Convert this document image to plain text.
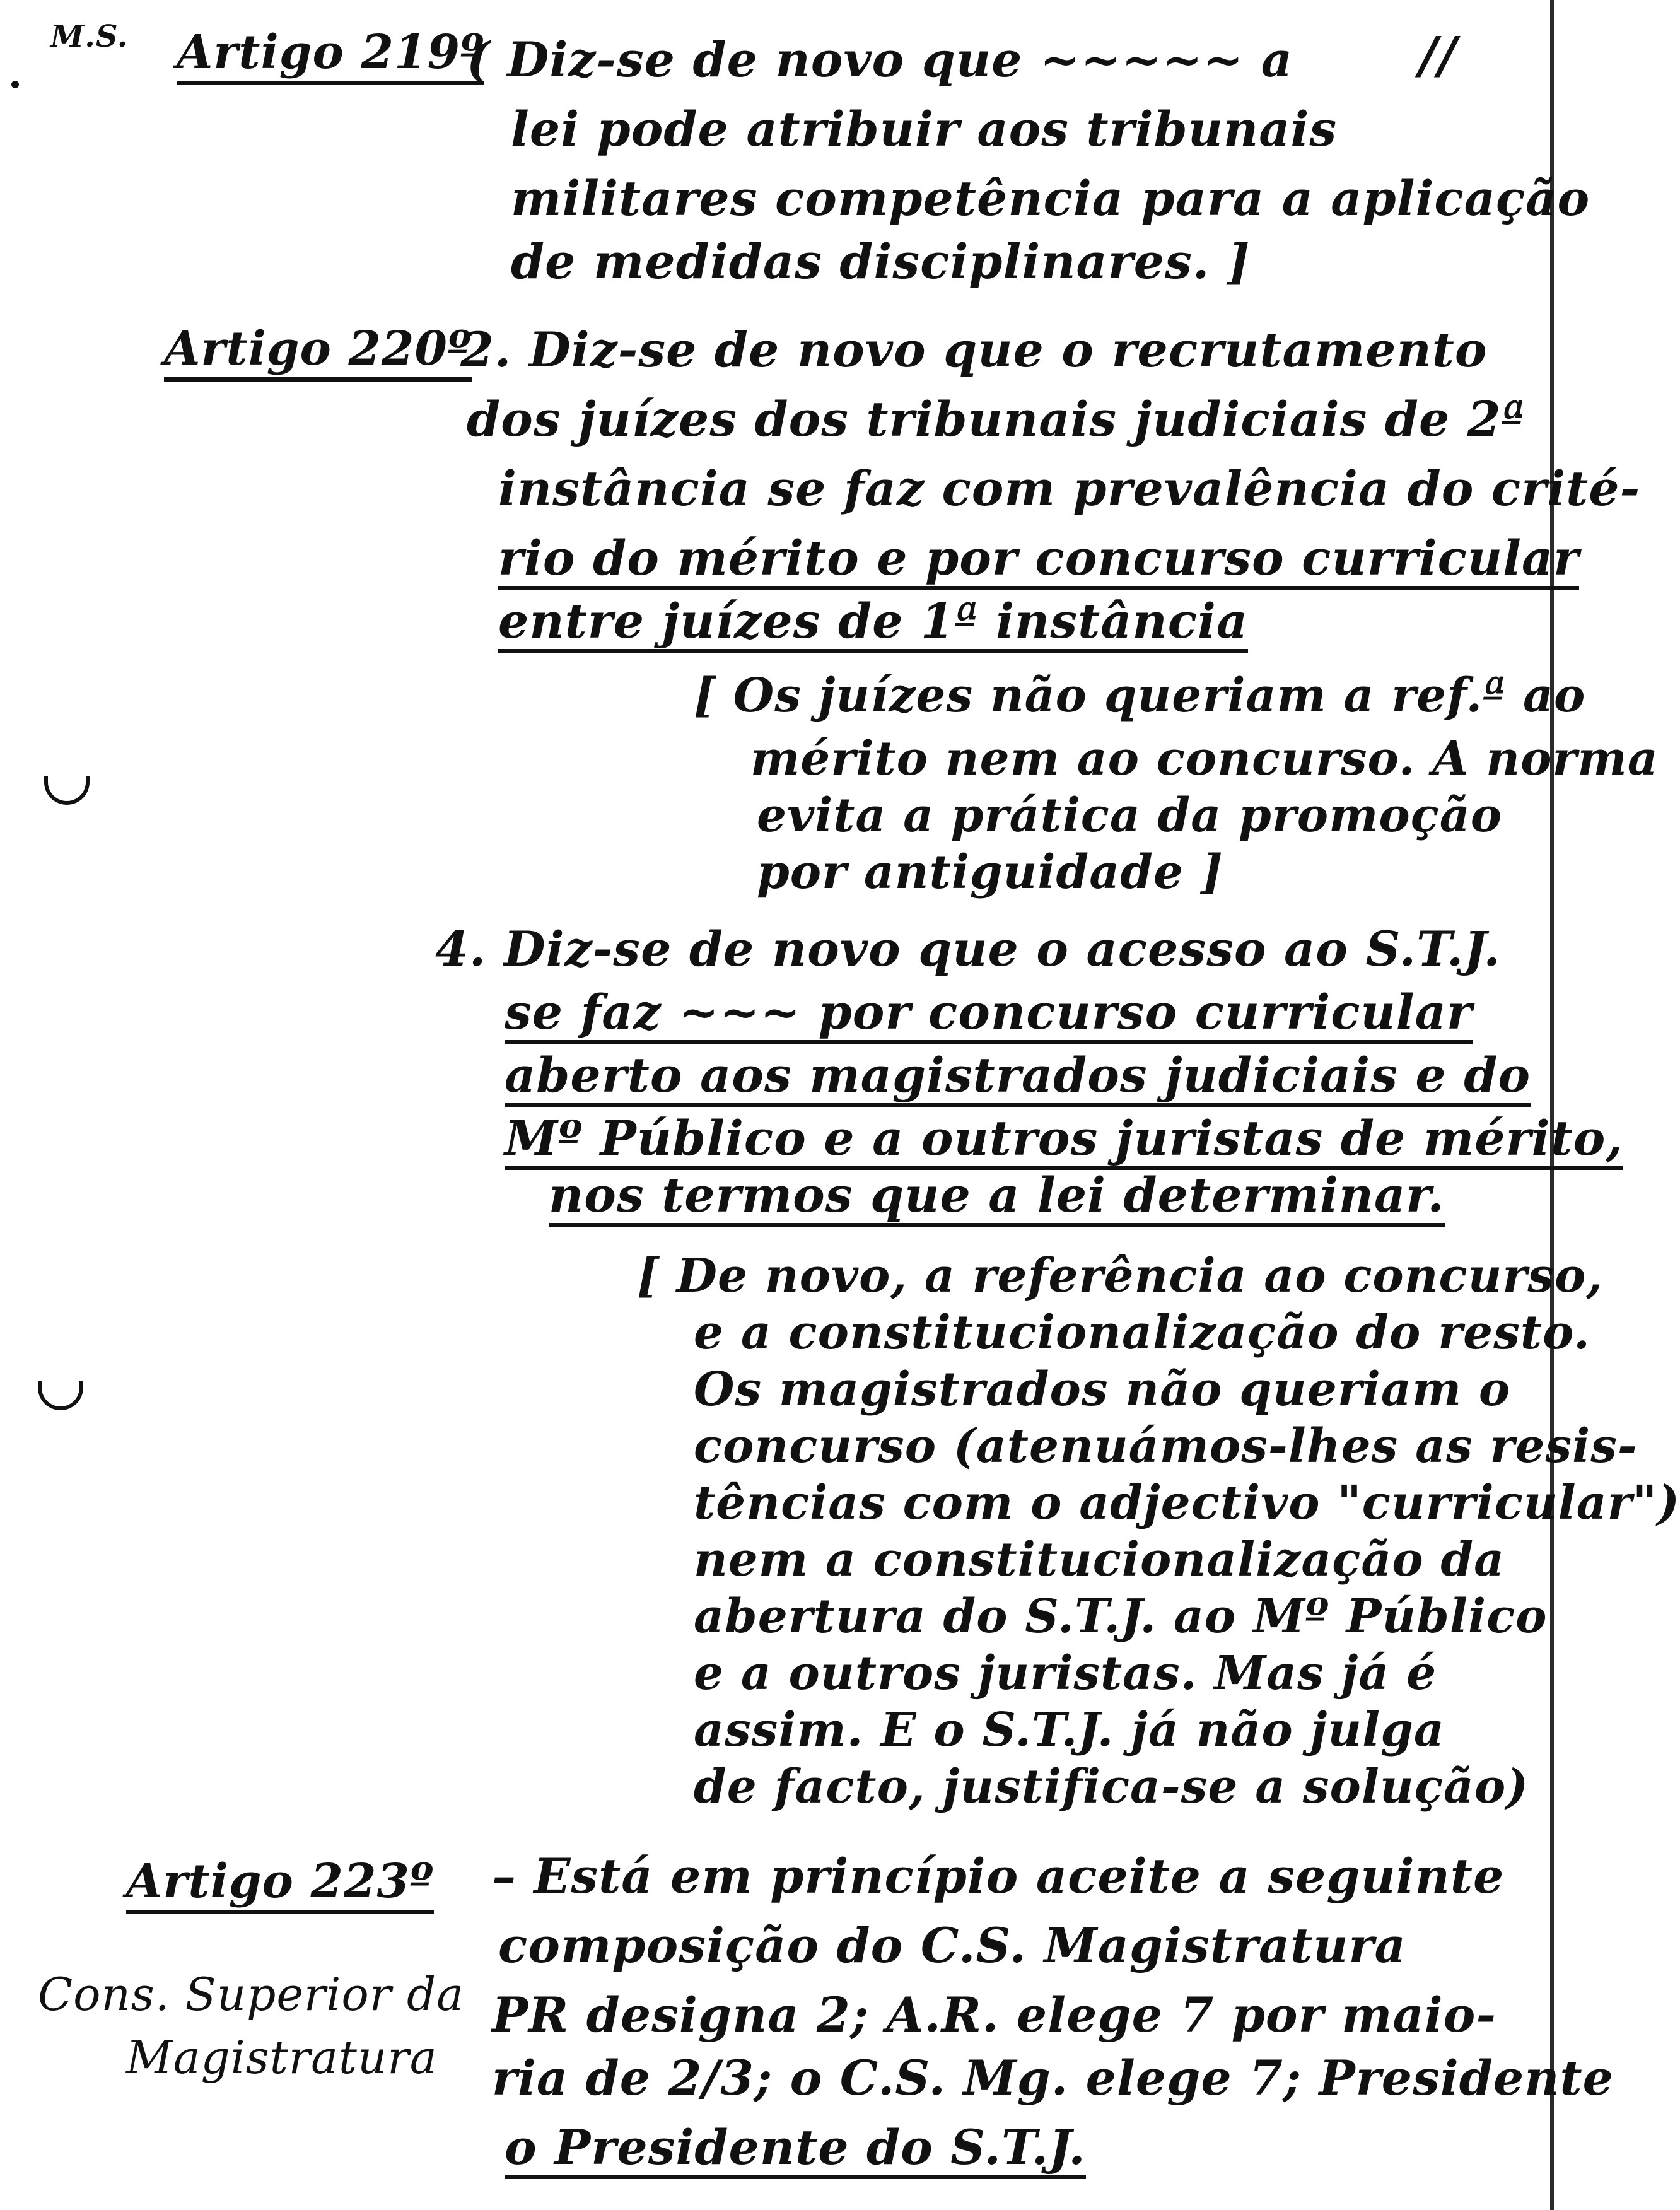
M.S.	//
Artigo 219º
( Diz-se de novo que ~~~~~ a
lei pode atribuir aos tribunais
militares competência para a aplicação
de medidas disciplinares. ]
Artigo 220º
2. Diz-se de novo que o recrutamento
dos juízes dos tribunais judiciais de 2ª
instância se faz com prevalência do crité-
rio do mérito e por concurso curricular
entre juízes de 1ª instância
[ Os juízes não queriam a ref.ª ao
mérito nem ao concurso. A norma
evita a prática da promoção
por antiguidade ]
4. Diz-se de novo que o acesso ao S.T.J.
se faz ~~~ por concurso curricular
aberto aos magistrados judiciais e do
Mº Público e a outros juristas de mérito,
nos termos que a lei determinar.
[ De novo, a referência ao concurso,
e a constitucionalização do resto.
Os magistrados não queriam o
concurso (atenuámos-lhes as resis-
tências com o adjectivo "curricular")
nem a constitucionalização da
abertura do S.T.J. ao Mº Público
e a outros juristas. Mas já é
assim. E o S.T.J. já não julga
de facto, justifica-se a solução)
Artigo 223º
Cons. Superior da
Magistratura
– Está em princípio aceite a seguinte
composição do C.S. Magistratura
PR designa 2; A.R. elege 7 por maio-
ria de 2/3; o C.S. Mg. elege 7; Presidente
o Presidente do S.T.J.
